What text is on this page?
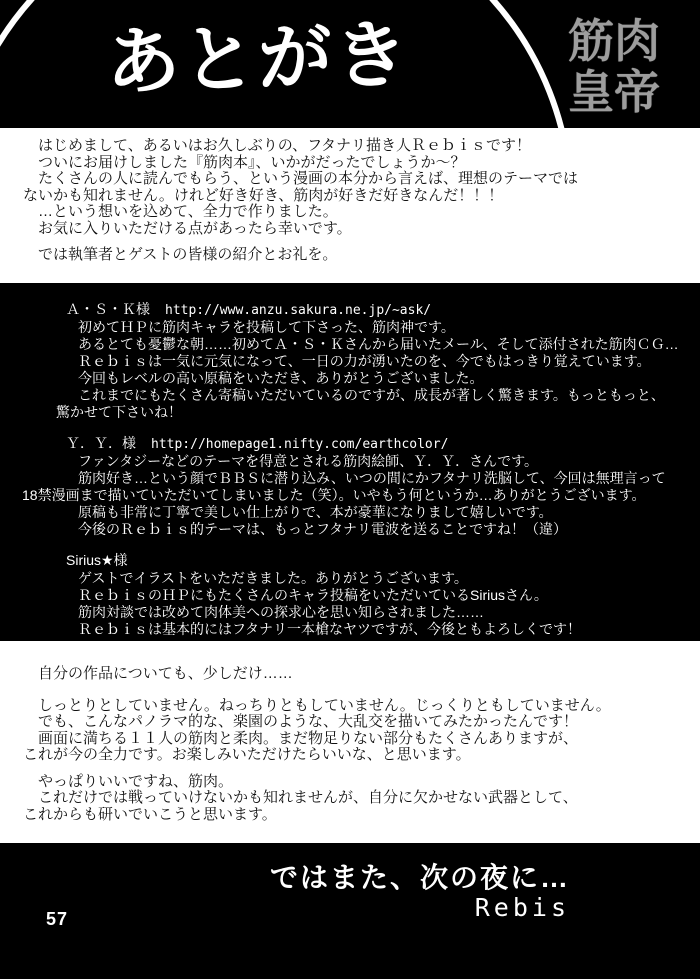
あとがき	筋肉
皇帝
はじめまして、あるいはお久しぶりの、フタナリ描き人Ｒｅｂｉｓです！
ついにお届けしました『筋肉本』、いかがだったでしょうか～？
たくさんの人に読んでもらう、という漫画の本分から言えば、理想のテーマでは
ないかも知れません。けれど好き好き、筋肉が好きだ好きなんだ！！！
…という想いを込めて、全力で作りました。
お気に入りいただける点があったら幸いです。
では執筆者とゲストの皆様の紹介とお礼を。
Ａ・Ｓ・Ｋ様 http://www.anzu.sakura.ne.jp/~ask/
初めてＨＰに筋肉キャラを投稿して下さった、筋肉神です。
あるとても憂鬱な朝……初めてＡ・Ｓ・Ｋさんから届いたメール、そして添付された筋肉ＣＧ…
Ｒｅｂｉｓは一気に元気になって、一日の力が湧いたのを、今でもはっきり覚えています。
今回もレベルの高い原稿をいただき、ありがとうございました。
これまでにもたくさん寄稿いただいているのですが、成長が著しく驚きます。もっともっと、
驚かせて下さいね！
Ｙ．Ｙ．様 http://homepage1.nifty.com/earthcolor/
ファンタジーなどのテーマを得意とされる筋肉絵師、Ｙ．Ｙ．さんです。
筋肉好き…という顔でＢＢＳに潜り込み、いつの間にかフタナリ洗脳して、今回は無理言って
18禁漫画まで描いていただいてしまいました（笑）。いやもう何というか…ありがとうございます。
原稿も非常に丁寧で美しい仕上がりで、本が豪華になりまして嬉しいです。
今後のＲｅｂｉｓ的テーマは、もっとフタナリ電波を送ることですね！（違）
Sirius★様
ゲストでイラストをいただきました。ありがとうございます。
ＲｅｂｉｓのＨＰにもたくさんのキャラ投稿をいただいているSiriusさん。
筋肉対談では改めて肉体美への探求心を思い知らされました……
Ｒｅｂｉｓは基本的にはフタナリ一本槍なヤツですが、今後ともよろしくです！
自分の作品についても、少しだけ……
しっとりとしていません。ねっちりともしていません。じっくりともしていません。
でも、こんなパノラマ的な、楽園のような、大乱交を描いてみたかったんです！
画面に満ちる１１人の筋肉と柔肉。まだ物足りない部分もたくさんありますが、
これが今の全力です。お楽しみいただけたらいいな、と思います。
やっぱりいいですね、筋肉。
これだけでは戦っていけないかも知れませんが、自分に欠かせない武器として、
これからも研いでいこうと思います。
ではまた、次の夜に…
Rebis
57
